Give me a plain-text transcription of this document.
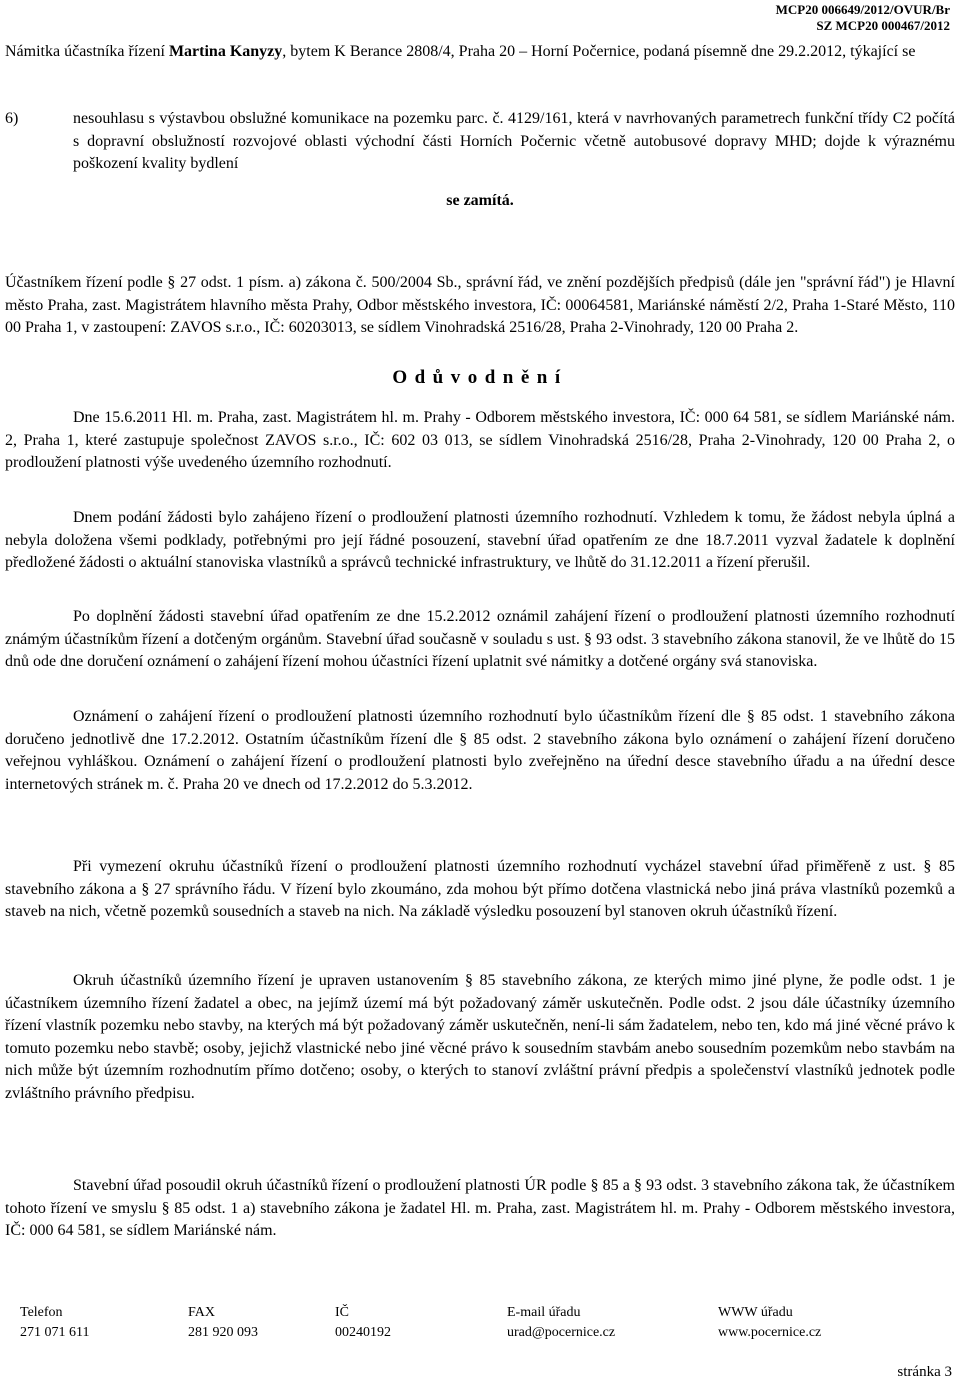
MCP20 006649/2012/OVUR/Br
SZ MCP20 000467/2012

Námitka účastníka řízení Martina Kanyzy, bytem K Berance 2808/4, Praha 20 – Horní Počernice, podaná písemně dne 29.2.2012, týkající se

6)	nesouhlasu s výstavbou obslužné komunikace na pozemku parc. č. 4129/161, která v navrhovaných parametrech funkční třídy C2 počítá s dopravní obslužností rozvojové oblasti východní části Horních Počernic včetně autobusové dopravy MHD; dojde k výraznému poškození kvality bydlení

se zamítá.

Účastníkem řízení podle § 27 odst. 1 písm. a) zákona č. 500/2004 Sb., správní řád, ve znění pozdějších předpisů (dále jen "správní řád") je Hlavní město Praha, zast. Magistrátem hlavního města Prahy, Odbor městského investora, IČ: 00064581, Mariánské náměstí 2/2, Praha 1-Staré Město, 110 00 Praha 1, v zastoupení: ZAVOS s.r.o., IČ: 60203013, se sídlem Vinohradská 2516/28, Praha 2-Vinohrady, 120 00 Praha 2.

Odůvodnění

Dne 15.6.2011 Hl. m. Praha, zast. Magistrátem hl. m. Prahy - Odborem městského investora, IČ: 000 64 581, se sídlem Mariánské nám. 2, Praha 1, které zastupuje společnost ZAVOS s.r.o., IČ: 602 03 013, se sídlem Vinohradská 2516/28, Praha 2-Vinohrady, 120 00 Praha 2, o prodloužení platnosti výše uvedeného územního rozhodnutí.

Dnem podání žádosti bylo zahájeno řízení o prodloužení platnosti územního rozhodnutí. Vzhledem k tomu, že žádost nebyla úplná a nebyla doložena všemi podklady, potřebnými pro její řádné posouzení, stavební úřad opatřením ze dne 18.7.2011 vyzval žadatele k doplnění předložené žádosti o aktuální stanoviska vlastníků a správců technické infrastruktury, ve lhůtě do 31.12.2011 a řízení přerušil.

Po doplnění žádosti stavební úřad opatřením ze dne 15.2.2012 oznámil zahájení řízení o prodloužení platnosti územního rozhodnutí známým účastníkům řízení a dotčeným orgánům. Stavební úřad současně v souladu s ust. § 93 odst. 3 stavebního zákona stanovil, že ve lhůtě do 15 dnů ode dne doručení oznámení o zahájení řízení mohou účastníci řízení uplatnit své námitky a dotčené orgány svá stanoviska.

Oznámení o zahájení řízení o prodloužení platnosti územního rozhodnutí bylo účastníkům řízení dle § 85 odst. 1 stavebního zákona doručeno jednotlivě dne 17.2.2012. Ostatním účastníkům řízení dle § 85 odst. 2 stavebního zákona bylo oznámení o zahájení řízení doručeno veřejnou vyhláškou. Oznámení o zahájení řízení o prodloužení platnosti bylo zveřejněno na úřední desce stavebního úřadu a na úřední desce internetových stránek m. č. Praha 20 ve dnech od 17.2.2012 do 5.3.2012.

Při vymezení okruhu účastníků řízení o prodloužení platnosti územního rozhodnutí vycházel stavební úřad přiměřeně z ust. § 85 stavebního zákona a § 27 správního řádu. V řízení bylo zkoumáno, zda mohou být přímo dotčena vlastnická nebo jiná práva vlastníků pozemků a staveb na nich, včetně pozemků sousedních a staveb na nich. Na základě výsledku posouzení byl stanoven okruh účastníků řízení.

Okruh účastníků územního řízení je upraven ustanovením § 85 stavebního zákona, ze kterých mimo jiné plyne, že podle odst. 1 je účastníkem územního řízení žadatel a obec, na jejímž území má být požadovaný záměr uskutečněn. Podle odst. 2 jsou dále účastníky územního řízení vlastník pozemku nebo stavby, na kterých má být požadovaný záměr uskutečněn, není-li sám žadatelem, nebo ten, kdo má jiné věcné právo k tomuto pozemku nebo stavbě; osoby, jejichž vlastnické nebo jiné věcné právo k sousedním stavbám anebo sousedním pozemkům nebo stavbám na nich může být územním rozhodnutím přímo dotčeno; osoby, o kterých to stanoví zvláštní právní předpis a společenství vlastníků jednotek podle zvláštního právního předpisu.

Stavební úřad posoudil okruh účastníků řízení o prodloužení platnosti ÚR podle § 85 a § 93 odst. 3 stavebního zákona tak, že účastníkem tohoto řízení ve smyslu § 85 odst. 1 a) stavebního zákona je žadatel Hl. m. Praha, zast. Magistrátem hl. m. Prahy - Odborem městského investora, IČ: 000 64 581, se sídlem Mariánské nám.

Telefon
271 071 611
FAX
281 920 093
IČ
00240192
E-mail úřadu
urad@pocernice.cz
WWW úřadu
www.pocernice.cz
stránka 3
